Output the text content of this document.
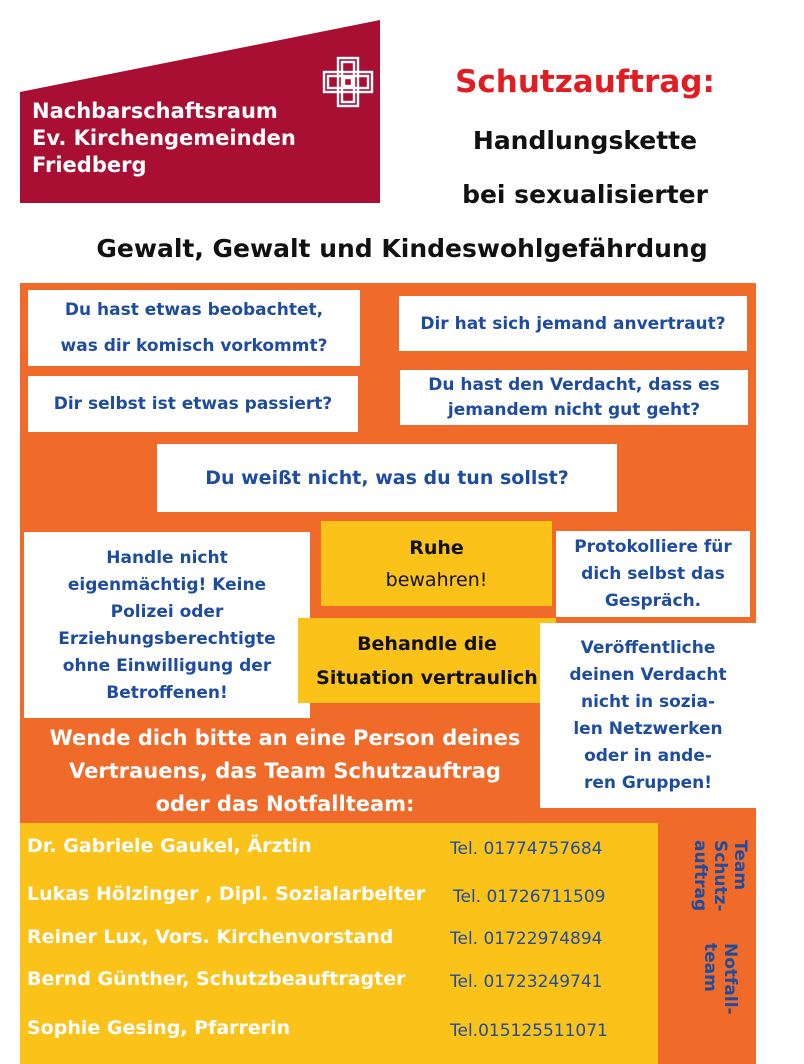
Nachbarschaftsraum
Ev. Kirchengemeinden
Friedberg
Schutzauftrag:
Handlungskette
bei sexualisierter
Gewalt, Gewalt und Kindeswohlgefährdung
Du hast etwas beobachtet,
was dir komisch vorkommt?
Dir hat sich jemand anvertraut?
Dir selbst ist etwas passiert?
Du hast den Verdacht, dass es
jemandem nicht gut geht?
Du weißt nicht, was du tun sollst?
Handle nicht
eigenmächtig! Keine
Polizei oder
Erziehungsberechtigte
ohne Einwilligung der
Betroffenen!
Ruhe
bewahren!
Protokolliere für
dich selbst das
Gespräch.
Behandle die
Situation vertraulich
Veröffentliche
deinen Verdacht
nicht in sozia-
len Netzwerken
oder in ande-
ren Gruppen!
Wende dich bitte an eine Person deines
Vertrauens, das Team Schutzauftrag
oder das Notfallteam:
Dr. Gabriele Gaukel, Ärztin	Tel. 01774757684
Lukas Hölzinger , Dipl. Sozialarbeiter Tel. 01726711509
Reiner Lux, Vors. Kirchenvorstand	Tel. 01722974894
Bernd Günther, Schutzbeauftragter	Tel. 01723249741
Sophie Gesing, Pfarrerin	Tel.015125511071
Team
Schutz-
auftrag
Notfall-
team
